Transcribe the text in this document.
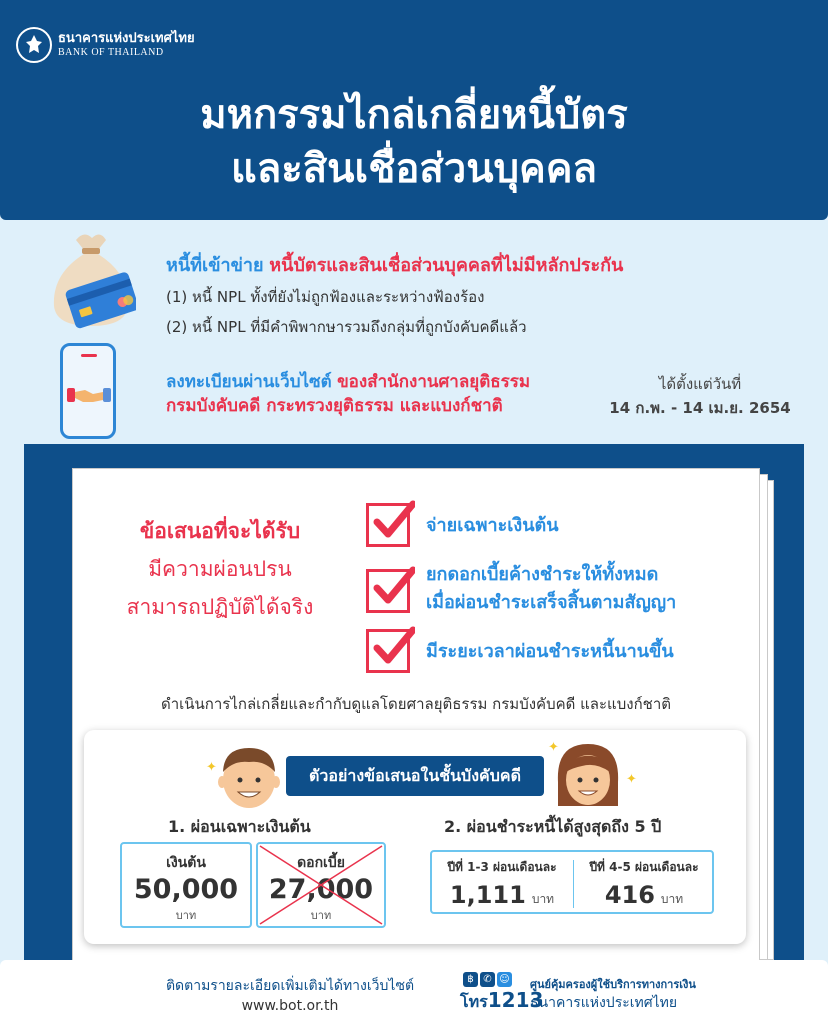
ธนาคารแห่งประเทศไทย
BANK OF THAILAND
มหกรรมไกล่เกลี่ยหนี้บัตร
และสินเชื่อส่วนบุคคล
หนี้ที่เข้าข่าย หนี้บัตรและสินเชื่อส่วนบุคคลที่ไม่มีหลักประกัน
(1) หนี้ NPL ทั้งที่ยังไม่ถูกฟ้องและระหว่างฟ้องร้อง
(2) หนี้ NPL ที่มีคำพิพากษารวมถึงกลุ่มที่ถูกบังคับคดีแล้ว
ลงทะเบียนผ่านเว็บไซต์ ของสำนักงานศาลยุติธรรม
กรมบังคับคดี กระทรวงยุติธรรม และแบงก์ชาติ
ได้ตั้งแต่วันที่
14 ก.พ. - 14 เม.ย. 2654
ข้อเสนอที่จะได้รับ
มีความผ่อนปรน
สามารถปฏิบัติได้จริง
จ่ายเฉพาะเงินต้น
ยกดอกเบี้ยค้างชำระให้ทั้งหมด
เมื่อผ่อนชำระเสร็จสิ้นตามสัญญา
มีระยะเวลาผ่อนชำระหนี้นานขึ้น
ดำเนินการไกล่เกลี่ยและกำกับดูแลโดยศาลยุติธรรม กรมบังคับคดี และแบงก์ชาติ
✦	ตัวอย่างข้อเสนอในชั้นบังคับคดี
✦
✦
1. ผ่อนเฉพาะเงินต้น	2. ผ่อนชำระหนี้ได้สูงสุดถึง 5 ปี
เงินต้น
50,000
บาท
ดอกเบี้ย
27,000
บาท
ปีที่ 1-3 ผ่อนเดือนละ
1,111 บาท
ปีที่ 4-5 ผ่อนเดือนละ
416 บาท
ติดตามรายละเอียดเพิ่มเติมได้ทางเว็บไซต์
www.bot.or.th
฿ ✆ ☺
โทร1213
ศูนย์คุ้มครองผู้ใช้บริการทางการเงิน
ธนาคารแห่งประเทศไทย
